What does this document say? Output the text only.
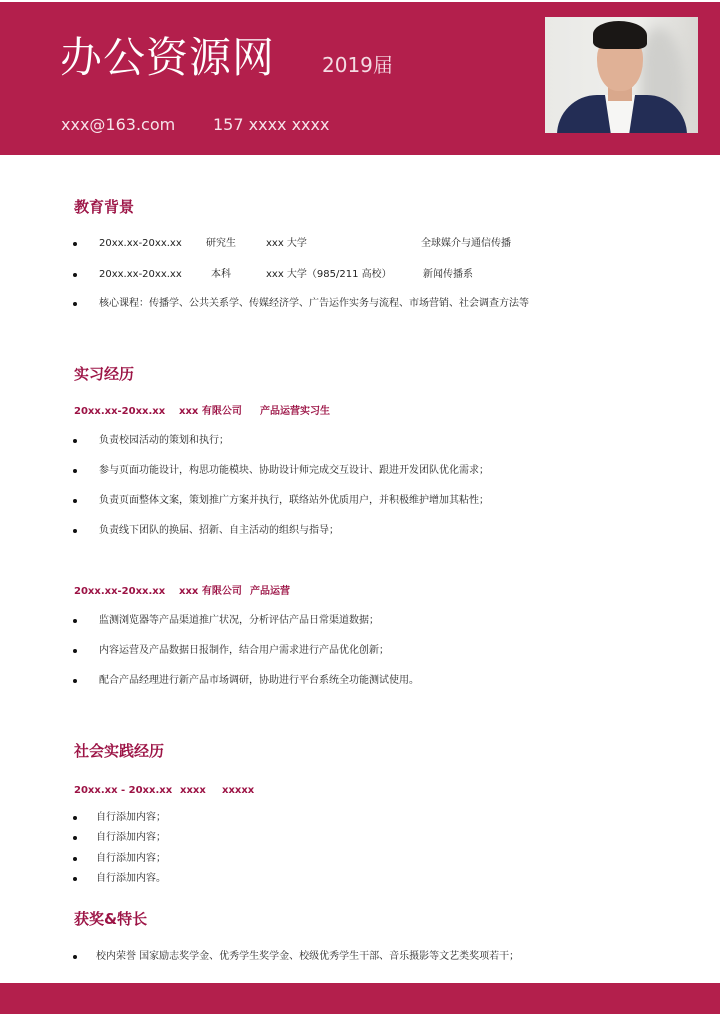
办公资源网 2019届
xxx@163.com 157 xxxx xxxx
教育背景
20xx.xx-20xx.xx 研究生	xxx 大学	全球媒介与通信传播
20xx.xx-20xx.xx	本科	xxx 大学（985/211 高校）	新闻传播系
核心课程：传播学、公共关系学、传媒经济学、广告运作实务与流程、市场营销、社会调查方法等
实习经历
20xx.xx-20xx.xx xxx 有限公司 产品运营实习生
负责校园活动的策划和执行；
参与页面功能设计，构思功能模块、协助设计师完成交互设计、跟进开发团队优化需求；
负责页面整体文案，策划推广方案并执行，联络站外优质用户，并积极维护增加其粘性；
负责线下团队的换届、招新、自主活动的组织与指导；
20xx.xx-20xx.xx xxx 有限公司 产品运营
监测浏览器等产品渠道推广状况，分析评估产品日常渠道数据；
内容运营及产品数据日报制作，结合用户需求进行产品优化创新；
配合产品经理进行新产品市场调研，协助进行平台系统全功能测试使用。
社会实践经历
20xx.xx - 20xx.xx xxxx xxxxx
自行添加内容；
自行添加内容；
自行添加内容；
自行添加内容。
获奖&特长
校内荣誉 国家励志奖学金、优秀学生奖学金、校级优秀学生干部、音乐摄影等文艺类奖项若干；
